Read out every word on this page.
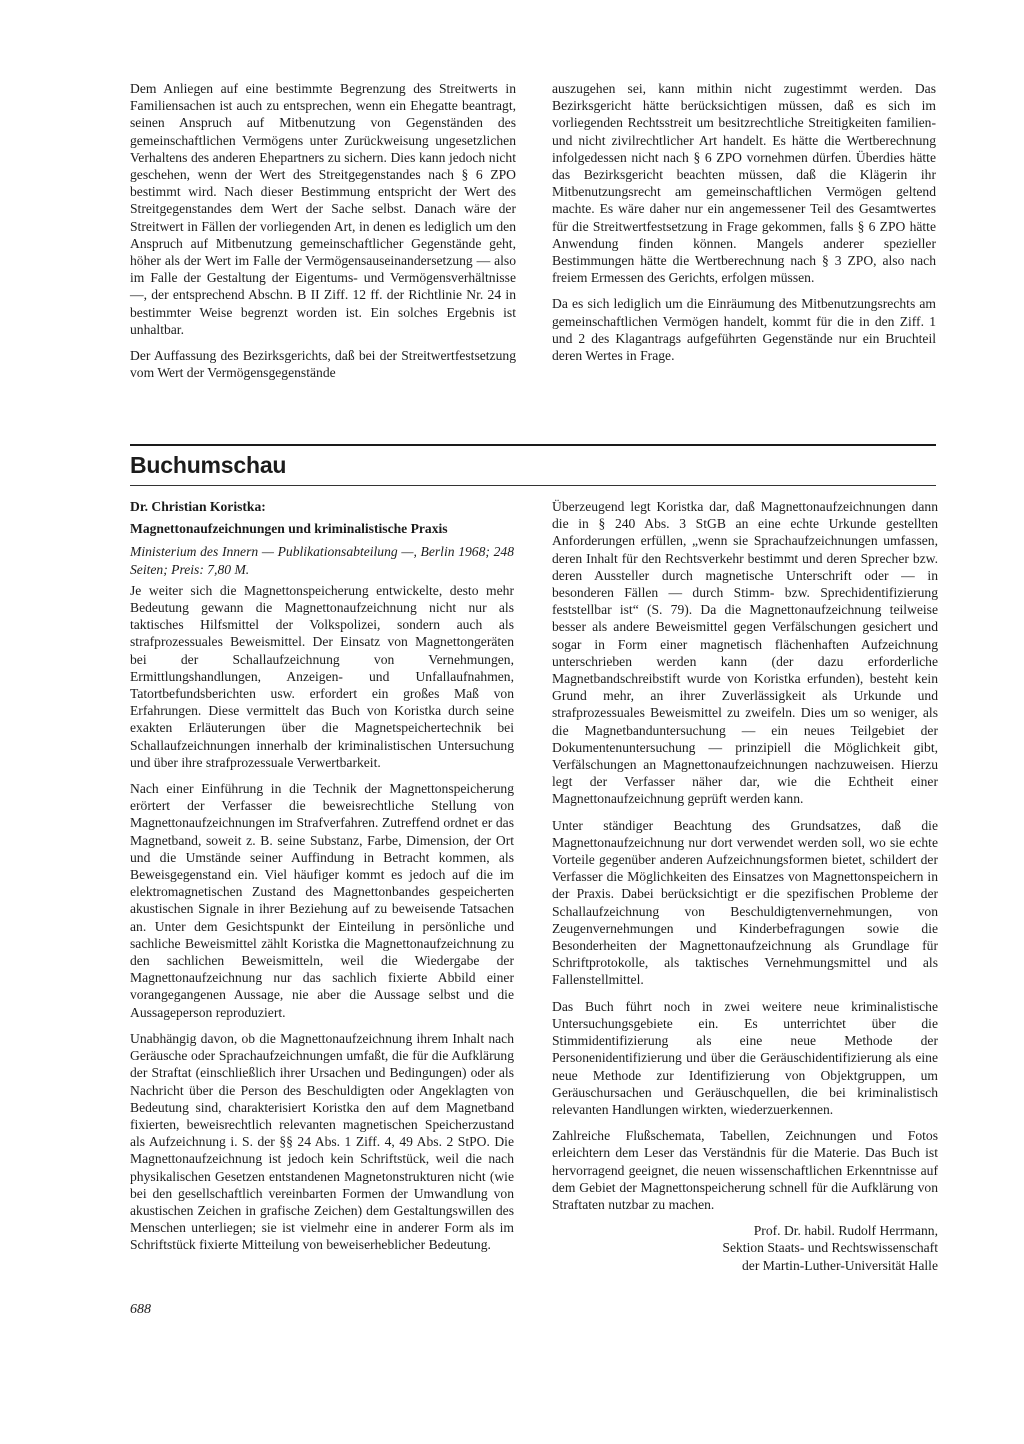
Dem Anliegen auf eine bestimmte Begrenzung des Streitwerts in Familiensachen ist auch zu entsprechen, wenn ein Ehegatte beantragt, seinen Anspruch auf Mitbenutzung von Gegenständen des gemeinschaftlichen Vermögens unter Zurückweisung ungesetzlichen Verhaltens des anderen Ehepartners zu sichern. Dies kann jedoch nicht geschehen, wenn der Wert des Streitgegenstandes nach § 6 ZPO bestimmt wird. Nach dieser Bestimmung entspricht der Wert des Streitgegenstandes dem Wert der Sache selbst. Danach wäre der Streitwert in Fällen der vorliegenden Art, in denen es lediglich um den Anspruch auf Mitbenutzung gemeinschaftlicher Gegenstände geht, höher als der Wert im Falle der Vermögensauseinandersetzung — also im Falle der Gestaltung der Eigentums- und Vermögensverhältnisse —, der entsprechend Abschn. B II Ziff. 12 ff. der Richtlinie Nr. 24 in bestimmter Weise begrenzt worden ist. Ein solches Ergebnis ist unhaltbar.

Der Auffassung des Bezirksgerichts, daß bei der Streitwertfestsetzung vom Wert der Vermögensgegenstände

auszugehen sei, kann mithin nicht zugestimmt werden. Das Bezirksgericht hätte berücksichtigen müssen, daß es sich im vorliegenden Rechtsstreit um besitzrechtliche Streitigkeiten familien- und nicht zivilrechtlicher Art handelt. Es hätte die Wertberechnung infolgedessen nicht nach § 6 ZPO vornehmen dürfen. Überdies hätte das Bezirksgericht beachten müssen, daß die Klägerin ihr Mitbenutzungsrecht am gemeinschaftlichen Vermögen geltend machte. Es wäre daher nur ein angemessener Teil des Gesamtwertes für die Streitwertfestsetzung in Frage gekommen, falls § 6 ZPO hätte Anwendung finden können. Mangels anderer spezieller Bestimmungen hätte die Wertberechnung nach § 3 ZPO, also nach freiem Ermessen des Gerichts, erfolgen müssen.

Da es sich lediglich um die Einräumung des Mitbenutzungsrechts am gemeinschaftlichen Vermögen handelt, kommt für die in den Ziff. 1 und 2 des Klagantrags aufgeführten Gegenstände nur ein Bruchteil deren Wertes in Frage.

Buchumschau

Dr. Christian Koristka:

Magnettonaufzeichnungen und kriminalistische Praxis

Ministerium des Innern — Publikationsabteilung —, Berlin 1968; 248 Seiten; Preis: 7,80 M.

Je weiter sich die Magnettonspeicherung entwickelte, desto mehr Bedeutung gewann die Magnettonaufzeichnung nicht nur als taktisches Hilfsmittel der Volkspolizei, sondern auch als strafprozessuales Beweismittel. Der Einsatz von Magnettongeräten bei der Schallaufzeichnung von Vernehmungen, Ermittlungshandlungen, Anzeigen- und Unfallaufnahmen, Tatortbefundsberichten usw. erfordert ein großes Maß von Erfahrungen. Diese vermittelt das Buch von Koristka durch seine exakten Erläuterungen über die Magnetspeichertechnik bei Schallaufzeichnungen innerhalb der kriminalistischen Untersuchung und über ihre strafprozessuale Verwertbarkeit.

Nach einer Einführung in die Technik der Magnettonspeicherung erörtert der Verfasser die beweisrechtliche Stellung von Magnettonaufzeichnungen im Strafverfahren. Zutreffend ordnet er das Magnetband, soweit z. B. seine Substanz, Farbe, Dimension, der Ort und die Umstände seiner Auffindung in Betracht kommen, als Beweisgegenstand ein. Viel häufiger kommt es jedoch auf die im elektromagnetischen Zustand des Magnettonbandes gespeicherten akustischen Signale in ihrer Beziehung auf zu beweisende Tatsachen an. Unter dem Gesichtspunkt der Einteilung in persönliche und sachliche Beweismittel zählt Koristka die Magnettonaufzeichnung zu den sachlichen Beweismitteln, weil die Wiedergabe der Magnettonaufzeichnung nur das sachlich fixierte Abbild einer vorangegangenen Aussage, nie aber die Aussage selbst und die Aussageperson reproduziert.

Unabhängig davon, ob die Magnettonaufzeichnung ihrem Inhalt nach Geräusche oder Sprachaufzeichnungen umfaßt, die für die Aufklärung der Straftat (einschließlich ihrer Ursachen und Bedingungen) oder als Nachricht über die Person des Beschuldigten oder Angeklagten von Bedeutung sind, charakterisiert Koristka den auf dem Magnetband fixierten, beweisrechtlich relevanten magnetischen Speicherzustand als Aufzeichnung i. S. der §§ 24 Abs. 1 Ziff. 4, 49 Abs. 2 StPO. Die Magnettonaufzeichnung ist jedoch kein Schriftstück, weil die nach physikalischen Gesetzen entstandenen Magnetonstrukturen nicht (wie bei den gesellschaftlich vereinbarten Formen der Umwandlung von akustischen Zeichen in grafische Zeichen) dem Gestaltungswillen des Menschen unterliegen; sie ist vielmehr eine in anderer Form als im Schriftstück fixierte Mitteilung von beweiserheblicher Bedeutung.

Überzeugend legt Koristka dar, daß Magnettonaufzeichnungen dann die in § 240 Abs. 3 StGB an eine echte Urkunde gestellten Anforderungen erfüllen, „wenn sie Sprachaufzeichnungen umfassen, deren Inhalt für den Rechtsverkehr bestimmt und deren Sprecher bzw. deren Aussteller durch magnetische Unterschrift oder — in besonderen Fällen — durch Stimm- bzw. Sprechidentifizierung feststellbar ist“ (S. 79). Da die Magnettonaufzeichnung teilweise besser als andere Beweismittel gegen Verfälschungen gesichert und sogar in Form einer magnetisch flächenhaften Aufzeichnung unterschrieben werden kann (der dazu erforderliche Magnetbandschreibstift wurde von Koristka erfunden), besteht kein Grund mehr, an ihrer Zuverlässigkeit als Urkunde und strafprozessuales Beweismittel zu zweifeln. Dies um so weniger, als die Magnetbanduntersuchung — ein neues Teilgebiet der Dokumentenuntersuchung — prinzipiell die Möglichkeit gibt, Verfälschungen an Magnettonaufzeichnungen nachzuweisen. Hierzu legt der Verfasser näher dar, wie die Echtheit einer Magnettonaufzeichnung geprüft werden kann.

Unter ständiger Beachtung des Grundsatzes, daß die Magnettonaufzeichnung nur dort verwendet werden soll, wo sie echte Vorteile gegenüber anderen Aufzeichnungsformen bietet, schildert der Verfasser die Möglichkeiten des Einsatzes von Magnettonspeichern in der Praxis. Dabei berücksichtigt er die spezifischen Probleme der Schallaufzeichnung von Beschuldigtenvernehmungen, von Zeugenvernehmungen und Kinderbefragungen sowie die Besonderheiten der Magnettonaufzeichnung als Grundlage für Schriftprotokolle, als taktisches Vernehmungsmittel und als Fallenstellmittel.

Das Buch führt noch in zwei weitere neue kriminalistische Untersuchungsgebiete ein. Es unterrichtet über die Stimmidentifizierung als eine neue Methode der Personenidentifizierung und über die Geräuschidentifizierung als eine neue Methode zur Identifizierung von Objektgruppen, um Geräuschursachen und Geräuschquellen, die bei kriminalistisch relevanten Handlungen wirkten, wiederzuerkennen.

Zahlreiche Flußschemata, Tabellen, Zeichnungen und Fotos erleichtern dem Leser das Verständnis für die Materie. Das Buch ist hervorragend geeignet, die neuen wissenschaftlichen Erkenntnisse auf dem Gebiet der Magnettonspeicherung schnell für die Aufklärung von Straftaten nutzbar zu machen.

Prof. Dr. habil. Rudolf Herrmann,
Sektion Staats- und Rechtswissenschaft
der Martin-Luther-Universität Halle
688
